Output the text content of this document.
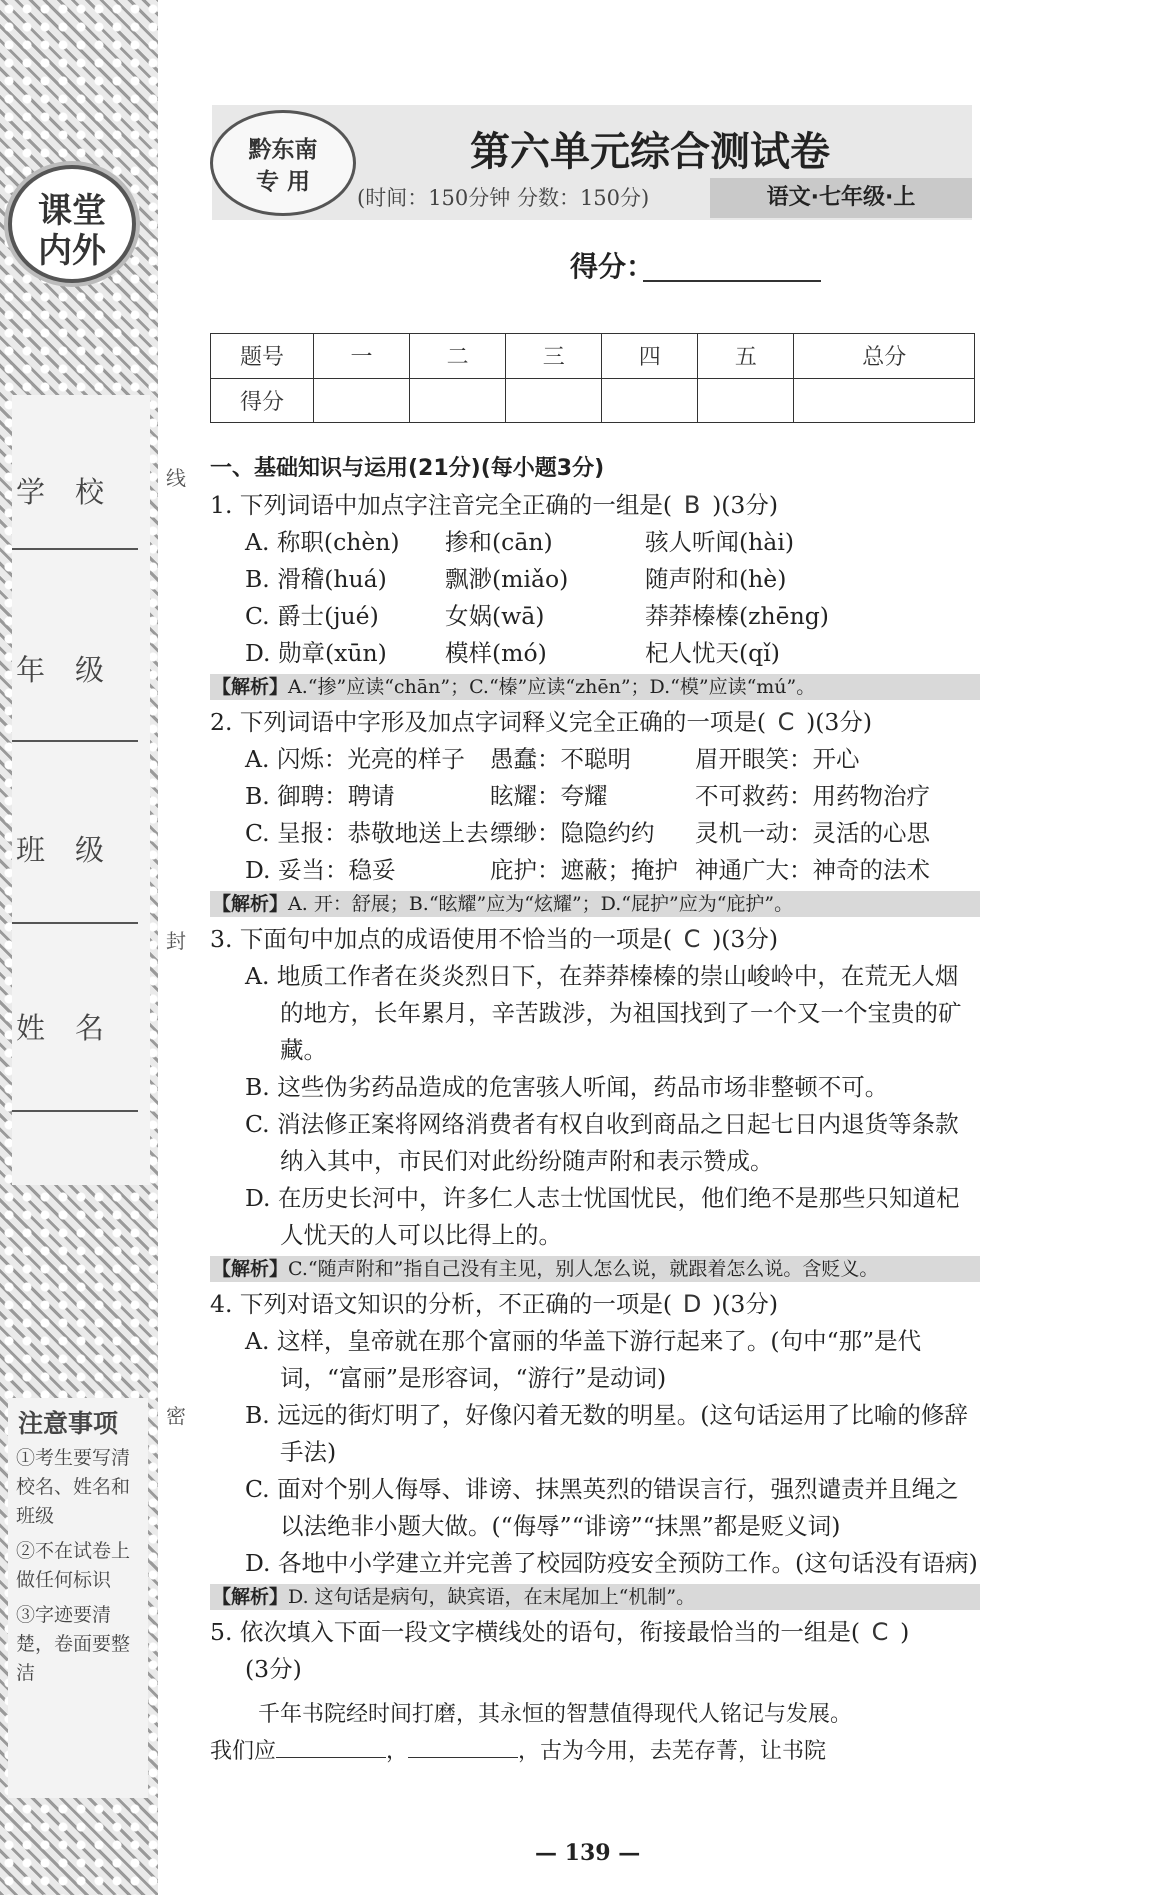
课堂
内外
学校
年级
班级
姓名
注意事项
①考生要写清校名、姓名和班级
②不在试卷上做任何标识
③字迹要清楚，卷面要整洁
线
封
密
黔东南
专 用
第六单元综合测试卷
(时间：150分钟 分数：150分)	语文·七年级·上
得分：
题号	一	二	三	四	五	总分
得分						
一、基础知识与运用(21分)(每小题3分)
1. 下列词语中加点字注音完全正确的一组是( B )(3分)
A. 称职(chèn)	掺和(cān)	骇人听闻(hài)
B. 滑稽(huá)	飘渺(miǎo)	随声附和(hè)
C. 爵士(jué)	女娲(wā)	莽莽榛榛(zhēng)
D. 勋章(xūn)	模样(mó)	杞人忧天(qǐ)
【解析】A.“掺”应读“chān”；C.“榛”应读“zhēn”；D.“模”应读“mú”。
2. 下列词语中字形及加点字词释义完全正确的一项是( C )(3分)
A. 闪烁：光亮的样子	愚蠢：不聪明	眉开眼笑：开心
B. 御聘：聘请	眩耀：夸耀	不可救药：用药物治疗
C. 呈报：恭敬地送上去 缥缈：隐隐约约	灵机一动：灵活的心思
D. 妥当：稳妥	庇护：遮蔽；掩护 神通广大：神奇的法术
【解析】A. 开：舒展；B.“眩耀”应为“炫耀”；D.“屁护”应为“庇护”。
3. 下面句中加点的成语使用不恰当的一项是( C )(3分)
A. 地质工作者在炎炎烈日下，在莽莽榛榛的崇山峻岭中，在荒无人烟的地方，长年累月，辛苦跋涉，为祖国找到了一个又一个宝贵的矿藏。
B. 这些伪劣药品造成的危害骇人听闻，药品市场非整顿不可。
C. 消法修正案将网络消费者有权自收到商品之日起七日内退货等条款纳入其中，市民们对此纷纷随声附和表示赞成。
D. 在历史长河中，许多仁人志士忧国忧民，他们绝不是那些只知道杞人忧天的人可以比得上的。
【解析】C.“随声附和”指自己没有主见，别人怎么说，就跟着怎么说。含贬义。
4. 下列对语文知识的分析，不正确的一项是( D )(3分)
A. 这样，皇帝就在那个富丽的华盖下游行起来了。(句中“那”是代词，“富丽”是形容词，“游行”是动词)
B. 远远的街灯明了，好像闪着无数的明星。(这句话运用了比喻的修辞手法)
C. 面对个别人侮辱、诽谤、抹黑英烈的错误言行，强烈谴责并且绳之以法绝非小题大做。(“侮辱”“诽谤”“抹黑”都是贬义词)
D. 各地中小学建立并完善了校园防疫安全预防工作。(这句话没有语病)
【解析】D. 这句话是病句，缺宾语，在末尾加上“机制”。
5. 依次填入下面一段文字横线处的语句，衔接最恰当的一组是( C )
(3分)
千年书院经时间打磨，其永恒的智慧值得现代人铭记与发展。
我们应	，	，古为今用，去芜存菁，让书院
— 139 —
